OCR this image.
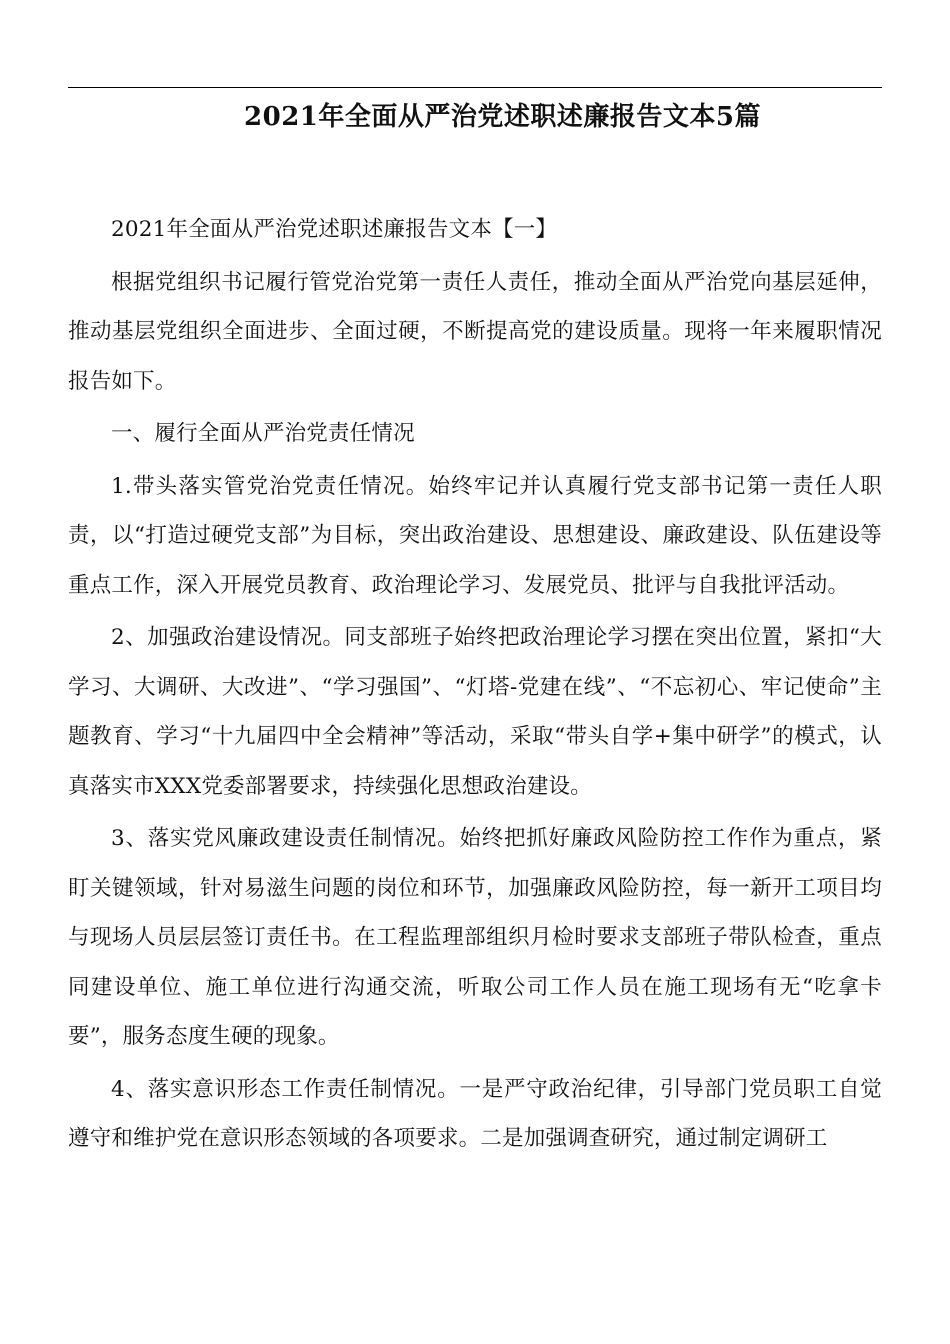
2021年全面从严治党述职述廉报告文本5篇

2021年全面从严治党述职述廉报告文本【一】

根据党组织书记履行管党治党第一责任人责任，推动全面从严治党向基层延伸，推动基层党组织全面进步、全面过硬，不断提高党的建设质量。现将一年来履职情况报告如下。

一、履行全面从严治党责任情况

1.带头落实管党治党责任情况。始终牢记并认真履行党支部书记第一责任人职责，以“打造过硬党支部”为目标，突出政治建设、思想建设、廉政建设、队伍建设等重点工作，深入开展党员教育、政治理论学习、发展党员、批评与自我批评活动。

2、加强政治建设情况。同支部班子始终把政治理论学习摆在突出位置，紧扣“大学习、大调研、大改进”、“学习强国”、“灯塔-党建在线”、“不忘初心、牢记使命”主题教育、学习“十九届四中全会精神”等活动，采取“带头自学+集中研学”的模式，认真落实市XXX党委部署要求，持续强化思想政治建设。

3、落实党风廉政建设责任制情况。始终把抓好廉政风险防控工作作为重点，紧盯关键领域，针对易滋生问题的岗位和环节，加强廉政风险防控，每一新开工项目均与现场人员层层签订责任书。在工程监理部组织月检时要求支部班子带队检查，重点同建设单位、施工单位进行沟通交流，听取公司工作人员在施工现场有无“吃拿卡要”，服务态度生硬的现象。

4、落实意识形态工作责任制情况。一是严守政治纪律，引导部门党员职工自觉遵守和维护党在意识形态领域的各项要求。二是加强调查研究，通过制定调研工
